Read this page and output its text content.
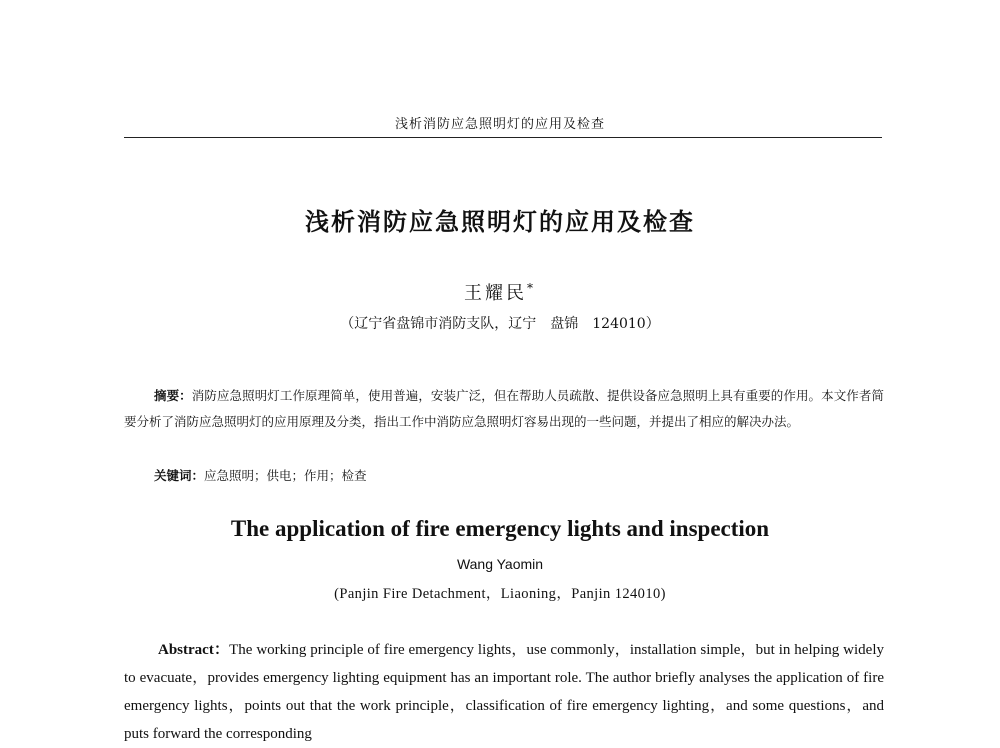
浅析消防应急照明灯的应用及检查
浅析消防应急照明灯的应用及检查
王耀民*
（辽宁省盘锦市消防支队，辽宁　盘锦　124010）
摘要：消防应急照明灯工作原理简单，使用普遍，安装广泛，但在帮助人员疏散、提供设备应急照明上具有重要的作用。本文作者简要分析了消防应急照明灯的应用原理及分类，指出工作中消防应急照明灯容易出现的一些问题，并提出了相应的解决办法。
关键词：应急照明；供电；作用；检查
The application of fire emergency lights and inspection
Wang Yaomin
(Panjin Fire Detachment，Liaoning，Panjin 124010)
Abstract：The working principle of fire emergency lights，use commonly，installation simple，but in helping widely to evacuate，provides emergency lighting equipment has an important role. The author briefly analyses the application of fire emergency lights，points out that the work principle，classification of fire emergency lighting，and some questions，and puts forward the corresponding
